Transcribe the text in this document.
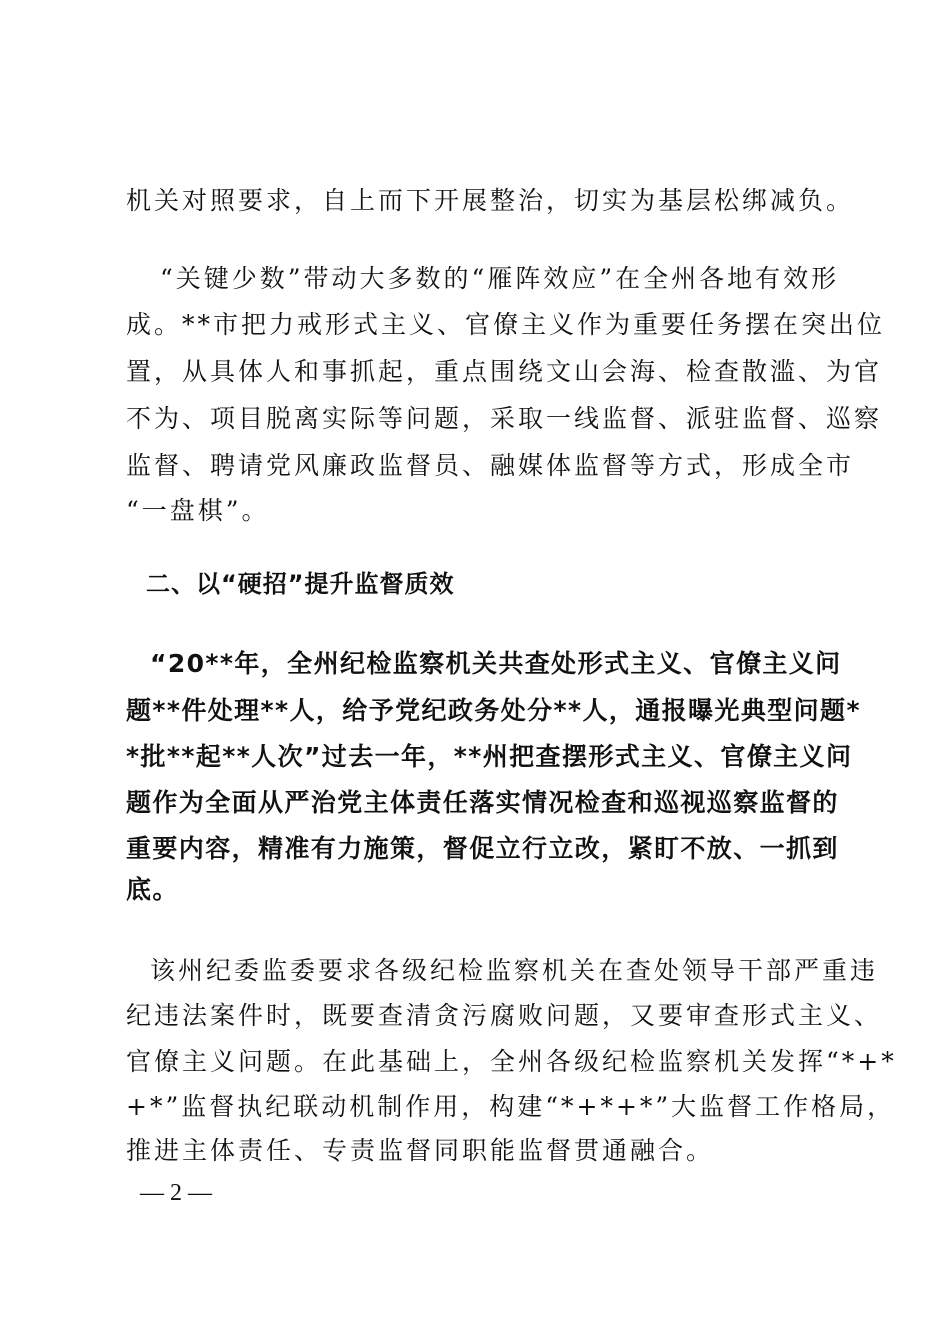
机关对照要求，自上而下开展整治，切实为基层松绑减负。
“关键少数”带动大多数的“雁阵效应”在全州各地有效形
成。**市把力戒形式主义、官僚主义作为重要任务摆在突出位
置，从具体人和事抓起，重点围绕文山会海、检查散滥、为官
不为、项目脱离实际等问题，采取一线监督、派驻监督、巡察
监督、聘请党风廉政监督员、融媒体监督等方式，形成全市
“一盘棋”。
二、以“硬招”提升监督质效
“20**年，全州纪检监察机关共查处形式主义、官僚主义问
题**件处理**人，给予党纪政务处分**人，通报曝光典型问题*
*批**起**人次”过去一年，**州把查摆形式主义、官僚主义问
题作为全面从严治党主体责任落实情况检查和巡视巡察监督的
重要内容，精准有力施策，督促立行立改，紧盯不放、一抓到
底。
该州纪委监委要求各级纪检监察机关在查处领导干部严重违
纪违法案件时，既要查清贪污腐败问题，又要审查形式主义、
官僚主义问题。在此基础上，全州各级纪检监察机关发挥“*+*
+*”监督执纪联动机制作用，构建“*+*+*”大监督工作格局，
推进主体责任、专责监督同职能监督贯通融合。
— 2 —
